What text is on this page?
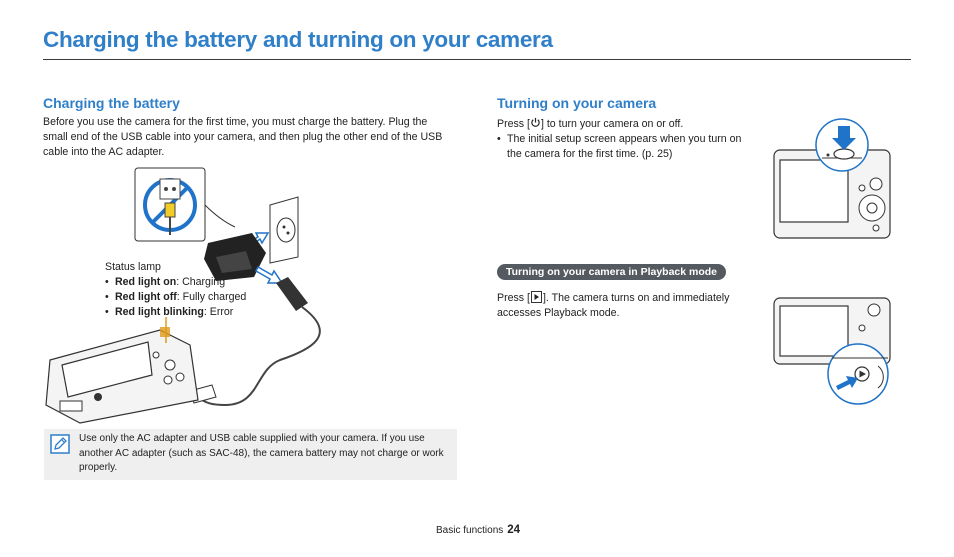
Charging the battery and turning on your camera
Charging the battery

Before you use the camera for the first time, you must charge the battery. Plug the small end of the USB cable into your camera, and then plug the other end of the USB cable into the AC adapter.

Status lamp

• Red light on: Charging
• Red light off: Fully charged
• Red light blinking: Error
Use only the AC adapter and USB cable supplied with your camera. If you use another AC adapter (such as SAC-48), the camera battery may not charge or work properly.
Turning on your camera

Press [ ] to turn your camera on or off.

• The initial setup screen appears when you turn on the camera for the first time. (p. 25)
Turning on your camera in Playback mode

Press [ ]. The camera turns on and immediately accesses Playback mode.

Basic functions 24
